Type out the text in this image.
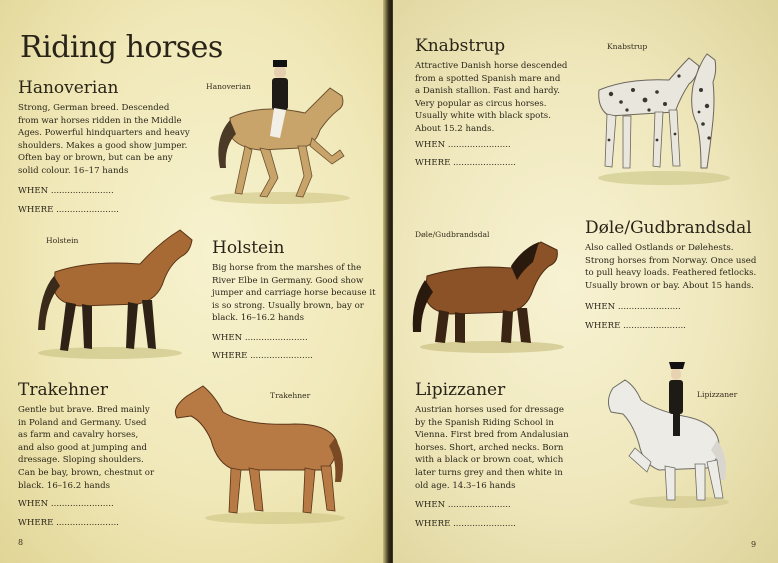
Riding horses
Hanoverian
Strong, German breed. Descended
from war horses ridden in the Middle
Ages. Powerful hindquarters and heavy
shoulders. Makes a good show jumper.
Often bay or brown, but can be any
solid colour. 16–17 hands
WHEN .......................
WHERE .......................
Hanoverian
Holstein	Holstein
Big horse from the marshes of the
River Elbe in Germany. Good show
jumper and carriage horse because it
is so strong. Usually brown, bay or
black. 16–16.2 hands
WHEN .......................
WHERE .......................
Trakehner
Gentle but brave. Bred mainly
in Poland and Germany. Used
as farm and cavalry horses,
and also good at jumping and
dressage. Sloping shoulders.
Can be bay, brown, chestnut or
black. 16–16.2 hands
WHEN .......................
WHERE .......................
Trakehner
8
Knabstrup
Attractive Danish horse descended
from a spotted Spanish mare and
a Danish stallion. Fast and hardy.
Very popular as circus horses.
Usually white with black spots.
About 15.2 hands.
WHEN .......................
WHERE .......................
Knabstrup
Døle/Gudbrandsdal	Døle/Gudbrandsdal
Also called Ostlands or Dølehests.
Strong horses from Norway. Once used
to pull heavy loads. Feathered fetlocks.
Usually brown or bay. About 15 hands.
WHEN .......................
WHERE .......................
Lipizzaner
Austrian horses used for dressage
by the Spanish Riding School in
Vienna. First bred from Andalusian
horses. Short, arched necks. Born
with a black or brown coat, which
later turns grey and then white in
old age. 14.3–16 hands
WHEN .......................
WHERE .......................
Lipizzaner
9
